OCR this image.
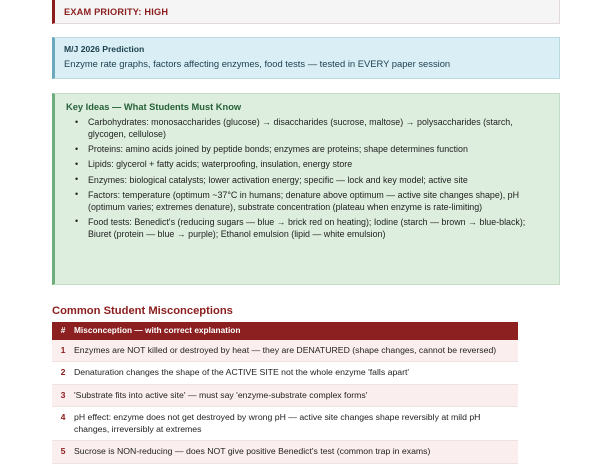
EXAM PRIORITY: HIGH
M/J 2026 Prediction
Enzyme rate graphs, factors affecting enzymes, food tests — tested in EVERY paper session
Key Ideas — What Students Must Know
• Carbohydrates: monosaccharides (glucose) → disaccharides (sucrose, maltose) → polysaccharides (starch, glycogen, cellulose)
• Proteins: amino acids joined by peptide bonds; enzymes are proteins; shape determines function
• Lipids: glycerol + fatty acids; waterproofing, insulation, energy store
• Enzymes: biological catalysts; lower activation energy; specific — lock and key model; active site
• Factors: temperature (optimum ~37°C in humans; denature above optimum — active site changes shape), pH (optimum varies; extremes denature), substrate concentration (plateau when enzyme is rate-limiting)
• Food tests: Benedict's (reducing sugars — blue → brick red on heating); Iodine (starch — brown → blue-black); Biuret (protein — blue → purple); Ethanol emulsion (lipid — white emulsion)
Common Student Misconceptions
#	Misconception — with correct explanation
1	Enzymes are NOT killed or destroyed by heat — they are DENATURED (shape changes, cannot be reversed)
2	Denaturation changes the shape of the ACTIVE SITE not the whole enzyme 'falls apart'
3	'Substrate fits into active site' — must say 'enzyme-substrate complex forms'
4	pH effect: enzyme does not get destroyed by wrong pH — active site changes shape reversibly at mild pH changes, irreversibly at extremes
5	Sucrose is NON-reducing — does NOT give positive Benedict's test (common trap in exams)
